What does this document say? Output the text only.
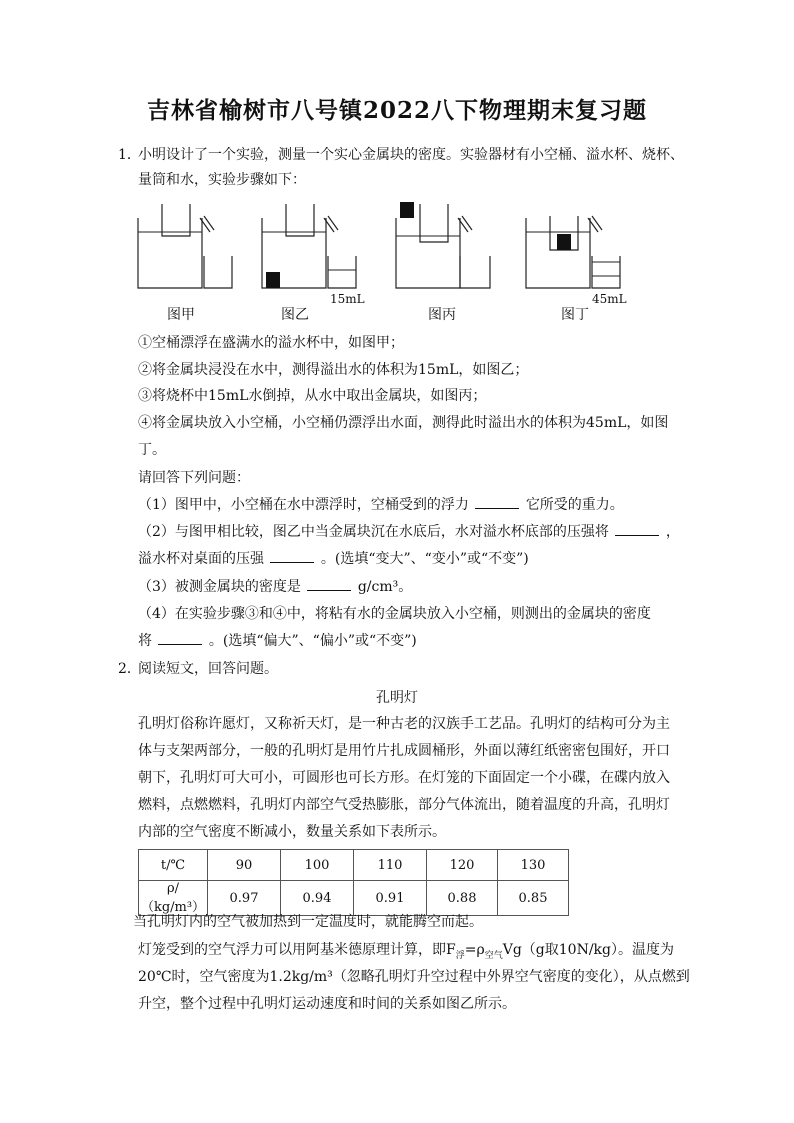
吉林省榆树市八号镇2022八下物理期末复习题
1．
小明设计了一个实验，测量一个实心金属块的密度。实验器材有小空桶、溢水杯、烧杯、
量筒和水，实验步骤如下：
15mL	45mL
图甲	图乙	图丙	图丁
①空桶漂浮在盛满水的溢水杯中，如图甲；
②将金属块浸没在水中，测得溢出水的体积为15mL，如图乙；
③将烧杯中15mL水倒掉，从水中取出金属块，如图丙；
④将金属块放入小空桶，小空桶仍漂浮出水面，测得此时溢出水的体积为45mL，如图
丁。
请回答下列问题：
（1）图甲中，小空桶在水中漂浮时，空桶受到的浮力	它所受的重力。
（2）与图甲相比较，图乙中当金属块沉在水底后，水对溢水杯底部的压强将	，
溢水杯对桌面的压强	。(选填“变大”、“变小”或“不变”)
（3）被测金属块的密度是	g/cm³。
（4）在实验步骤③和④中，将粘有水的金属块放入小空桶，则测出的金属块的密度
将	。(选填“偏大”、“偏小”或“不变”)
2．
阅读短文，回答问题。
孔明灯
孔明灯俗称许愿灯，又称祈天灯，是一种古老的汉族手工艺品。孔明灯的结构可分为主
体与支架两部分，一般的孔明灯是用竹片扎成圆桶形，外面以薄红纸密密包围好，开口
朝下，孔明灯可大可小，可圆形也可长方形。在灯笼的下面固定一个小碟，在碟内放入
燃料，点燃燃料，孔明灯内部空气受热膨胀，部分气体流出，随着温度的升高，孔明灯
内部的空气密度不断减小，数量关系如下表所示。
t/℃	90	100	110	120	130
ρ/（kg/m³）	0.97	0.94	0.91	0.88	0.85
当孔明灯内的空气被加热到一定温度时，就能腾空而起。
灯笼受到的空气浮力可以用阿基米德原理计算，即$F_浮=\rho_{空气}Vg(g$取10N/kg）。温度为
20℃时，空气密度为1.2kg/m³（忽略孔明灯升空过程中外界空气密度的变化），从点燃到
升空，整个过程中孔明灯运动速度和时间的关系如图乙所示。
